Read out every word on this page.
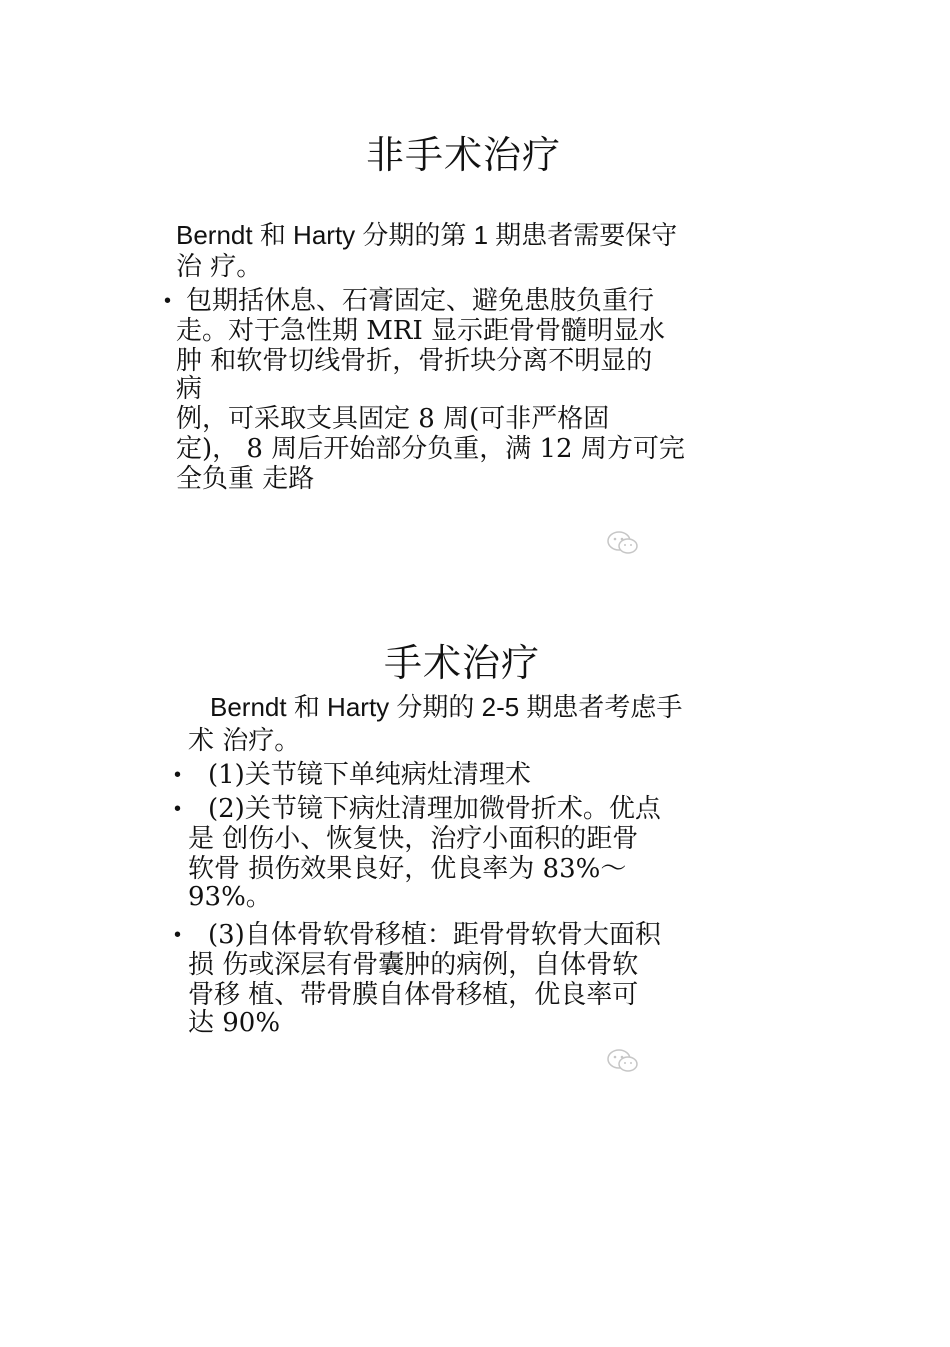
非手术治疗
Berndt 和 Harty 分期的第 1 期患者需要保守
治 疗。
• 包期括休息、石膏固定、避免患肢负重行
走。对于急性期 MRI 显示距骨骨髓明显水
肿 和软骨切线骨折，骨折块分离不明显的
病
例，可采取支具固定 8 周(可非严格固
定)， 8 周后开始部分负重，满 12 周方可完
全负重 走路
手术治疗
Berndt 和 Harty 分期的 2-5 期患者考虑手
术 治疗。
• (1)关节镜下单纯病灶清理术
• (2)关节镜下病灶清理加微骨折术。优点
是 创伤小、恢复快，治疗小面积的距骨
软骨 损伤效果良好，优良率为 83%～
93%。
• (3)自体骨软骨移植：距骨骨软骨大面积
损 伤或深层有骨囊肿的病例，自体骨软
骨移 植、带骨膜自体骨移植，优良率可
达 90%
